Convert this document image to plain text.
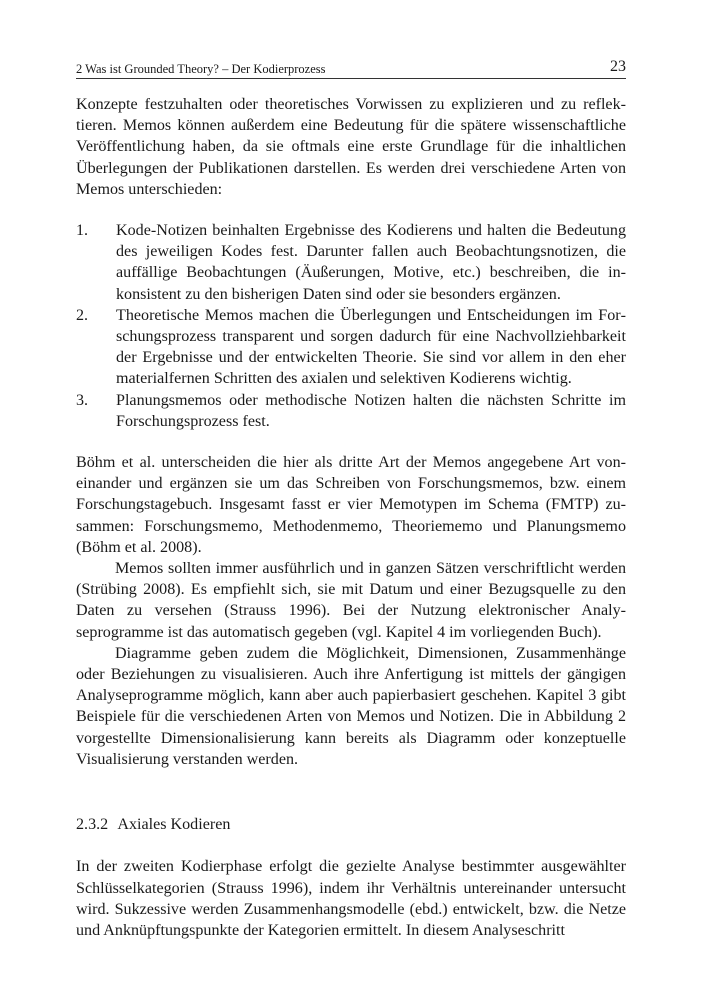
2 Was ist Grounded Theory? – Der Kodierprozess	23

Konzepte festzuhalten oder theoretisches Vorwissen zu explizieren und zu reflektieren. Memos können außerdem eine Bedeutung für die spätere wissenschaftliche Veröffentlichung haben, da sie oftmals eine erste Grundlage für die inhaltlichen Überlegungen der Publikationen darstellen. Es werden drei verschiedene Arten von Memos unterschieden:

1. Kode-Notizen beinhalten Ergebnisse des Kodierens und halten die Bedeutung des jeweiligen Kodes fest. Darunter fallen auch Beobachtungsnotizen, die auffällige Beobachtungen (Äußerungen, Motive, etc.) beschreiben, die inkonsistent zu den bisherigen Daten sind oder sie besonders ergänzen.
2. Theoretische Memos machen die Überlegungen und Entscheidungen im Forschungsprozess transparent und sorgen dadurch für eine Nachvollziehbarkeit der Ergebnisse und der entwickelten Theorie. Sie sind vor allem in den eher materialfernen Schritten des axialen und selektiven Kodierens wichtig.
3. Planungsmemos oder methodische Notizen halten die nächsten Schritte im Forschungsprozess fest.

Böhm et al. unterscheiden die hier als dritte Art der Memos angegebene Art voneinander und ergänzen sie um das Schreiben von Forschungsmemos, bzw. einem Forschungstagebuch. Insgesamt fasst er vier Memotypen im Schema (FMTP) zusammen: Forschungsmemo, Methodenmemo, Theoriememo und Planungsmemo (Böhm et al. 2008).

Memos sollten immer ausführlich und in ganzen Sätzen verschriftlicht werden (Strübing 2008). Es empfiehlt sich, sie mit Datum und einer Bezugsquelle zu den Daten zu versehen (Strauss 1996). Bei der Nutzung elektronischer Analyseprogramme ist das automatisch gegeben (vgl. Kapitel 4 im vorliegenden Buch).

Diagramme geben zudem die Möglichkeit, Dimensionen, Zusammenhänge oder Beziehungen zu visualisieren. Auch ihre Anfertigung ist mittels der gängigen Analyseprogramme möglich, kann aber auch papierbasiert geschehen. Kapitel 3 gibt Beispiele für die verschiedenen Arten von Memos und Notizen. Die in Abbildung 2 vorgestellte Dimensionalisierung kann bereits als Diagramm oder konzeptuelle Visualisierung verstanden werden.

2.3.2 Axiales Kodieren

In der zweiten Kodierphase erfolgt die gezielte Analyse bestimmter ausgewählter Schlüsselkategorien (Strauss 1996), indem ihr Verhältnis untereinander untersucht wird. Sukzessive werden Zusammenhangsmodelle (ebd.) entwickelt, bzw. die Netze und Anknüpftungspunkte der Kategorien ermittelt. In diesem Analyseschritt
